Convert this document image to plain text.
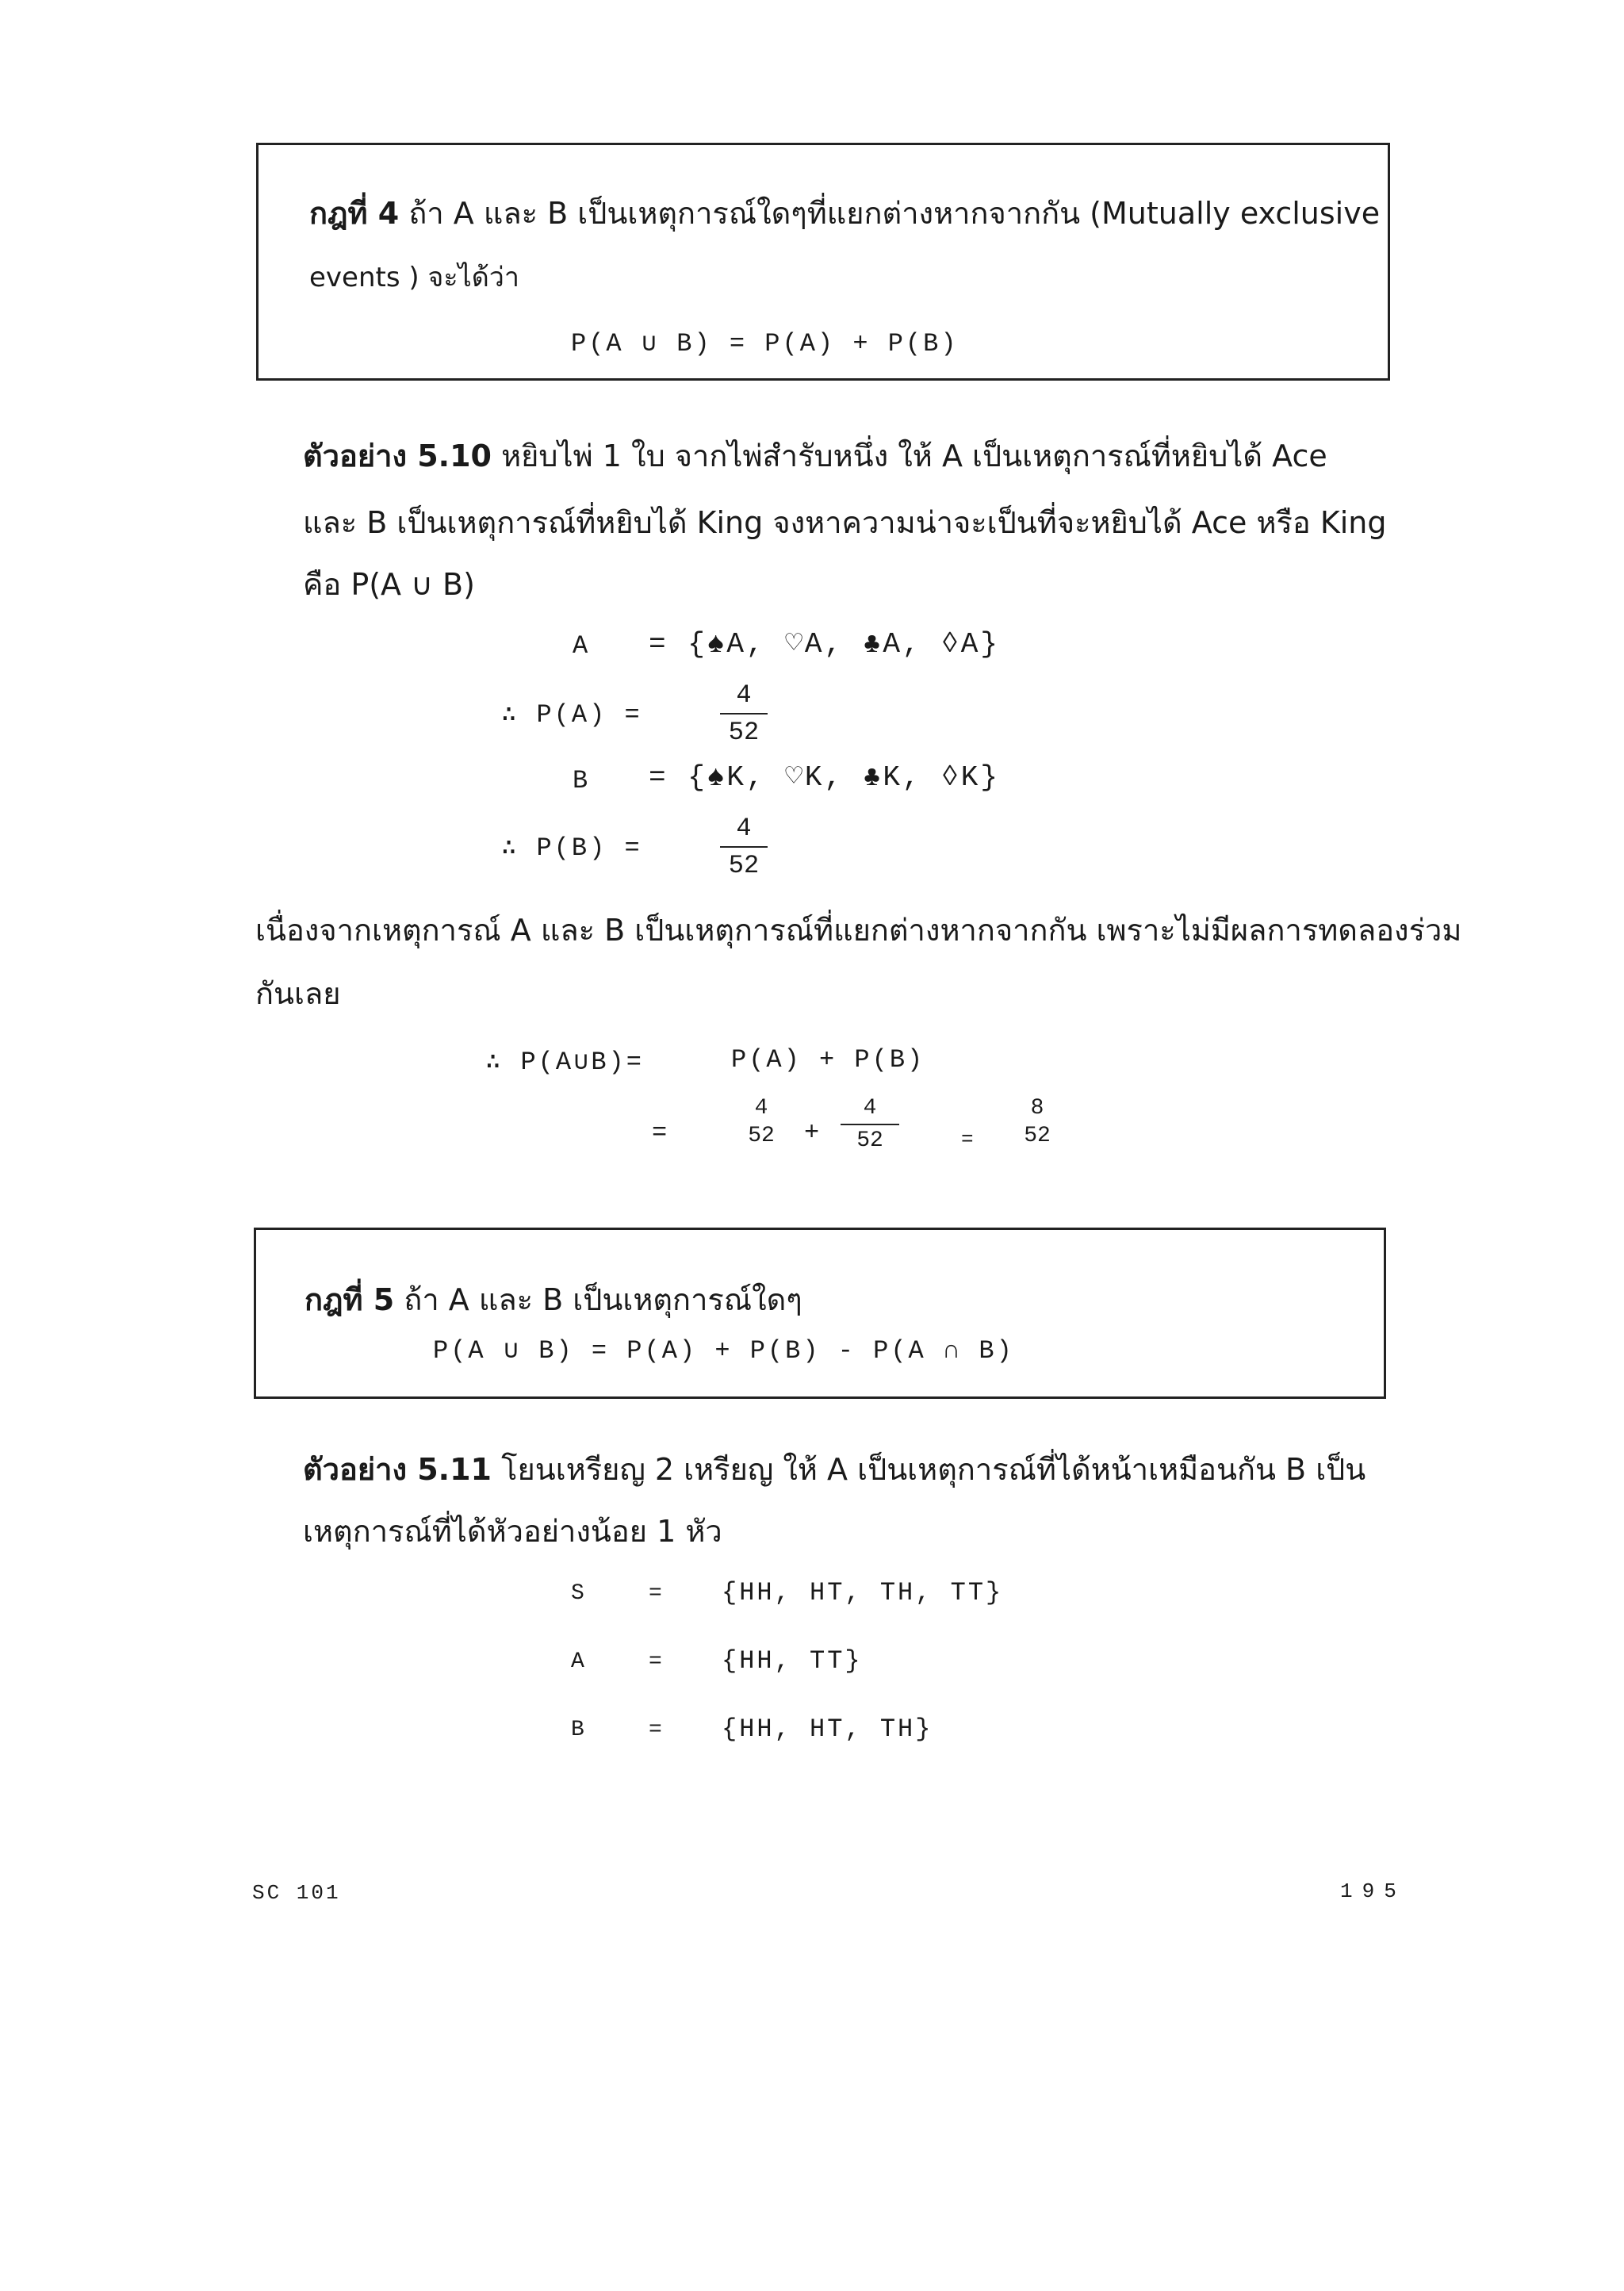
กฎที่ 4 ถ้า A และ B เป็นเหตุการณ์ใดๆที่แยกต่างหากจากกัน (Mutually exclusive
events ) จะได้ว่า
P(A ∪ B) = P(A) + P(B)
ตัวอย่าง 5.10 หยิบไพ่ 1 ใบ จากไพ่สำรับหนึ่ง ให้ A เป็นเหตุการณ์ที่หยิบได้ Ace
และ B เป็นเหตุการณ์ที่หยิบได้ King จงหาความน่าจะเป็นที่จะหยิบได้ Ace หรือ King
คือ P(A ∪ B)
A = {♠A, ♡A, ♣A, ◊A}
∴ P(A) =
4
52
B = {♠K, ♡K, ♣K, ◊K}
∴ P(B) =
4
52
เนื่องจากเหตุการณ์ A และ B เป็นเหตุการณ์ที่แยกต่างหากจากกัน เพราะไม่มีผลการทดลองร่วม
กันเลย
∴ P(A∪B)=	P(A) + P(B)
=
4
52	+
4
52	=
8
52
กฎที่ 5 ถ้า A และ B เป็นเหตุการณ์ใดๆ
P(A ∪ B) = P(A) + P(B) - P(A ∩ B)
ตัวอย่าง 5.11 โยนเหรียญ 2 เหรียญ ให้ A เป็นเหตุการณ์ที่ได้หน้าเหมือนกัน B เป็น
เหตุการณ์ที่ได้หัวอย่างน้อย 1 หัว
S	= {HH, HT, TH, TT}
A	= {HH, TT}
B	= {HH, HT, TH}
SC 101	195
